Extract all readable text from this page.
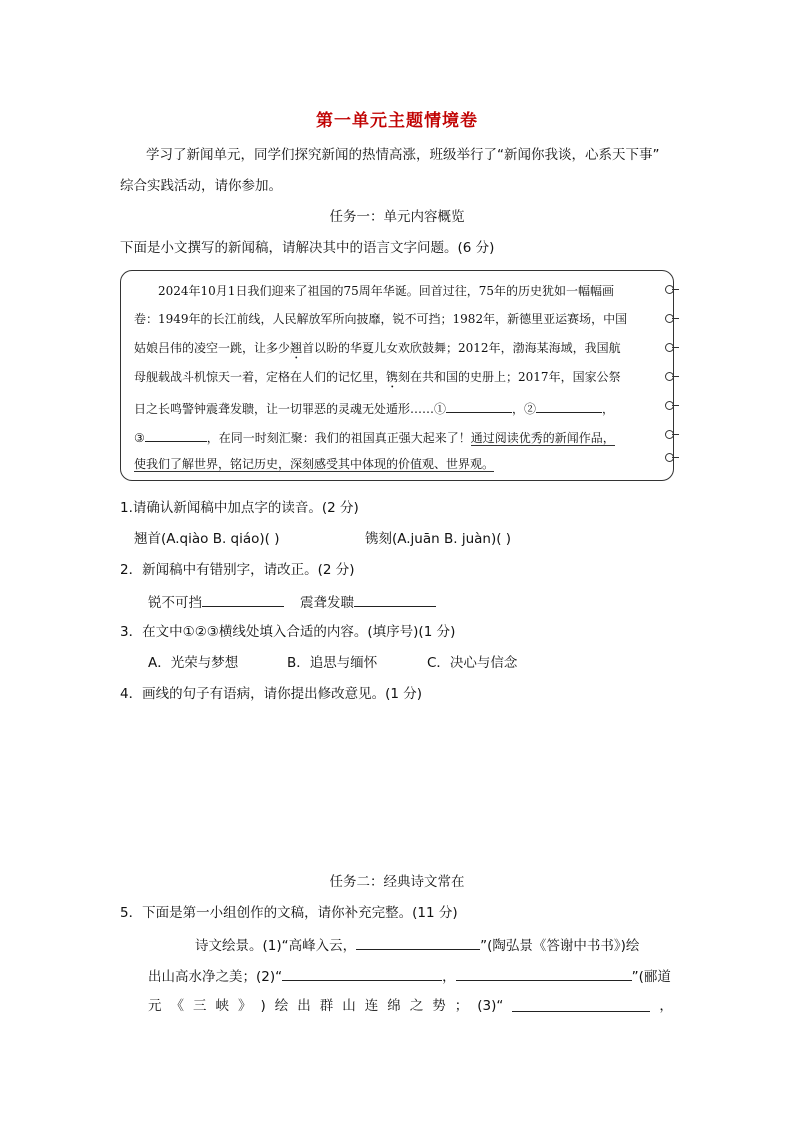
第一单元主题情境卷
学习了新闻单元，同学们探究新闻的热情高涨，班级举行了“新闻你我谈，心系天下事”
综合实践活动，请你参加。
任务一：单元内容概览
下面是小文撰写的新闻稿，请解决其中的语言文字问题。(6 分)
2024年10月1日我们迎来了祖国的75周年华诞。回首过往，75年的历史犹如一幅幅画
卷：1949年的长江前线，人民解放军所向披靡，锐不可挡；1982年，新德里亚运赛场，中国
姑娘吕伟的凌空一跳，让多少翘首以盼的华夏儿女欢欣鼓舞；2012年，渤海某海域，我国航
母舰载战斗机惊天一着，定格在人们的记忆里，镌刻在共和国的史册上；2017年，国家公祭
日之长鸣警钟震聋发聩，让一切罪恶的灵魂无处遁形……①	，②	，
③	，在同一时刻汇聚：我们的祖国真正强大起来了！通过阅读优秀的新闻作品，
使我们了解世界，铭记历史，深刻感受其中体现的价值观、世界观。
1.请确认新闻稿中加点字的读音。(2 分)
翘首(A.qiào B. qiáo)( )	镌刻(A.juān B. juàn)( )
2．新闻稿中有错别字，请改正。(2 分)
锐不可挡	震聋发聩
3．在文中①②③横线处填入合适的内容。(填序号)(1 分)
A．光荣与梦想	B．追思与缅怀	C．决心与信念
4．画线的句子有语病，请你提出修改意见。(1 分)
任务二：经典诗文常在
5．下面是第一小组创作的文稿，请你补充完整。(11 分)
诗文绘景。(1)“高峰入云，	”(陶弘景《答谢中书书》)绘
出山高水净之美；(2)“	，	”(郦道
元 《 三 峡 》 ) 绘 出 群 山 连 绵 之 势 ； (3)“	，
